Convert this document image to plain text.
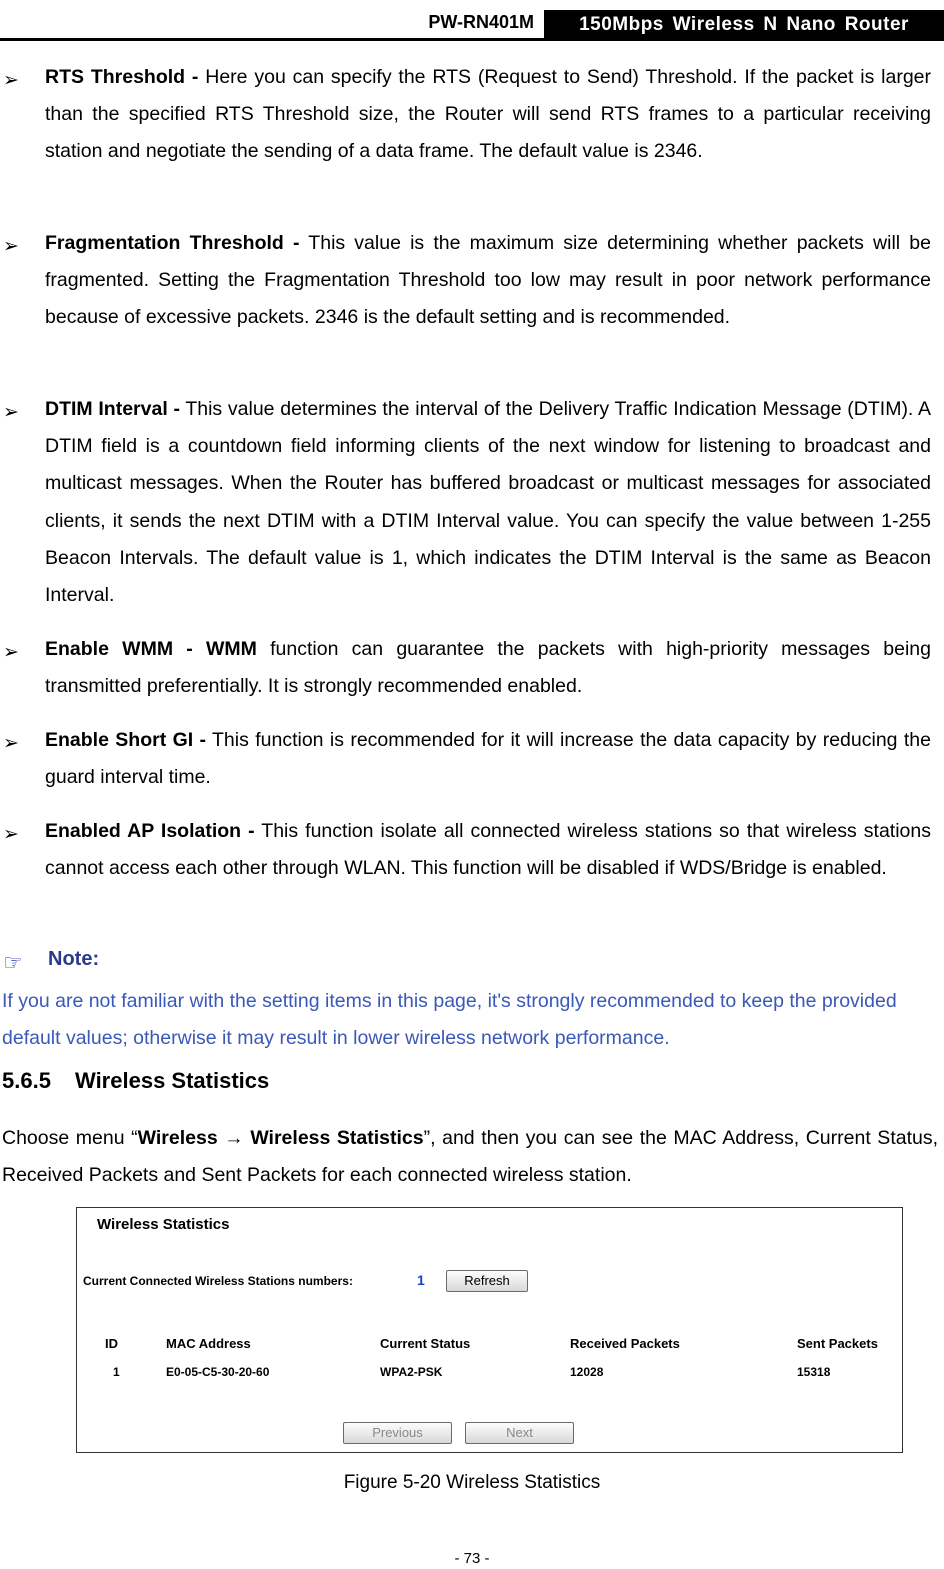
PW-RN401M	150Mbps Wireless N Nano Router
➢ RTS Threshold - Here you can specify the RTS (Request to Send) Threshold. If the packet is larger than the specified RTS Threshold size, the Router will send RTS frames to a particular receiving station and negotiate the sending of a data frame. The default value is 2346.
➢ Fragmentation Threshold - This value is the maximum size determining whether packets will be fragmented. Setting the Fragmentation Threshold too low may result in poor network performance because of excessive packets. 2346 is the default setting and is recommended.
➢ DTIM Interval - This value determines the interval of the Delivery Traffic Indication Message (DTIM). A DTIM field is a countdown field informing clients of the next window for listening to broadcast and multicast messages. When the Router has buffered broadcast or multicast messages for associated clients, it sends the next DTIM with a DTIM Interval value. You can specify the value between 1-255 Beacon Intervals. The default value is 1, which indicates the DTIM Interval is the same as Beacon Interval.
➢ Enable WMM - WMM function can guarantee the packets with high-priority messages being transmitted preferentially. It is strongly recommended enabled.
➢ Enable Short GI - This function is recommended for it will increase the data capacity by reducing the guard interval time.
➢ Enabled AP Isolation - This function isolate all connected wireless stations so that wireless stations cannot access each other through WLAN. This function will be disabled if WDS/Bridge is enabled.
☞ Note:
If you are not familiar with the setting items in this page, it's strongly recommended to keep the provided default values; otherwise it may result in lower wireless network performance.
5.6.5 Wireless Statistics
Choose menu “Wireless → Wireless Statistics”, and then you can see the MAC Address, Current Status, Received Packets and Sent Packets for each connected wireless station.
Wireless Statistics
Current Connected Wireless Stations numbers:	1	Refresh
ID	MAC Address	Current Status	Received Packets	Sent Packets
1	E0-05-C5-30-20-60	WPA2-PSK	12028	15318
Previous	Next
Figure 5-20 Wireless Statistics
- 73 -
